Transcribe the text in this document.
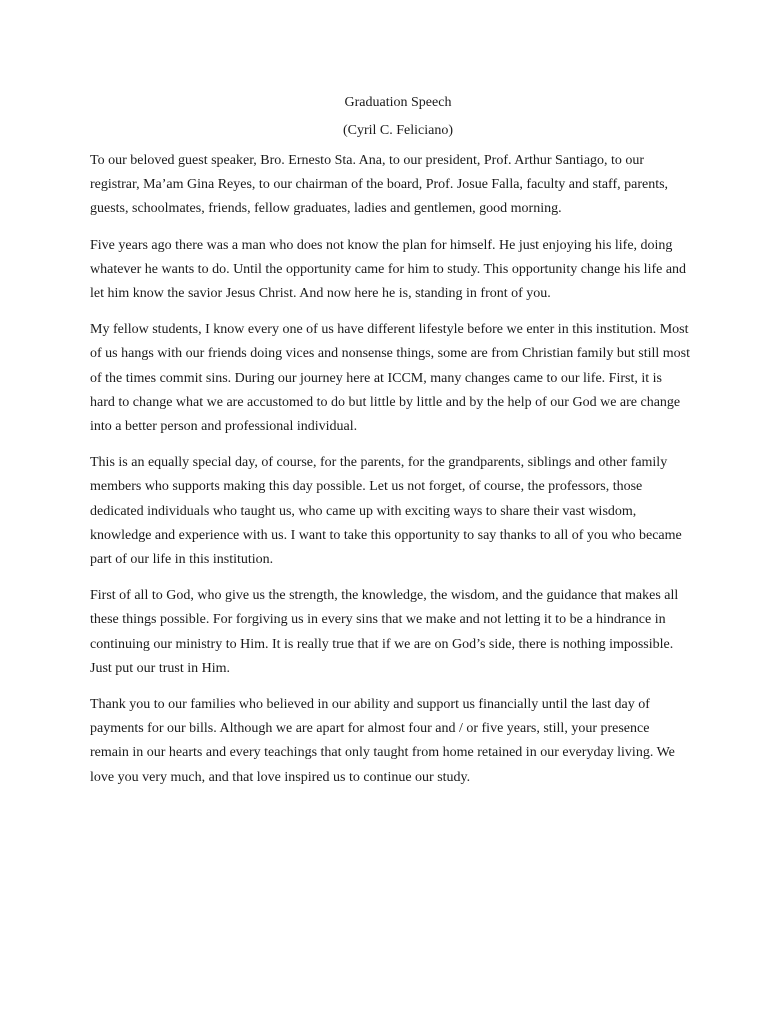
Graduation Speech
(Cyril C. Feliciano)

To our beloved guest speaker, Bro. Ernesto Sta. Ana, to our president, Prof. Arthur Santiago, to our registrar, Ma’am Gina Reyes, to our chairman of the board, Prof. Josue Falla, faculty and staff, parents, guests, schoolmates, friends, fellow graduates, ladies and gentlemen, good morning.

Five years ago there was a man who does not know the plan for himself. He just enjoying his life, doing whatever he wants to do. Until the opportunity came for him to study. This opportunity change his life and let him know the savior Jesus Christ. And now here he is, standing in front of you.

My fellow students, I know every one of us have different lifestyle before we enter in this institution. Most of us hangs with our friends doing vices and nonsense things, some are from Christian family but still most of the times commit sins. During our journey here at ICCM, many changes came to our life. First, it is hard to change what we are accustomed to do but little by little and by the help of our God we are change into a better person and professional individual.

This is an equally special day, of course, for the parents, for the grandparents, siblings and other family members who supports making this day possible. Let us not forget, of course, the professors, those dedicated individuals who taught us, who came up with exciting ways to share their vast wisdom, knowledge and experience with us. I want to take this opportunity to say thanks to all of you who became part of our life in this institution.

First of all to God, who give us the strength, the knowledge, the wisdom, and the guidance that makes all these things possible. For forgiving us in every sins that we make and not letting it to be a hindrance in continuing our ministry to Him. It is really true that if we are on God’s side, there is nothing impossible. Just put our trust in Him.

Thank you to our families who believed in our ability and support us financially until the last day of payments for our bills. Although we are apart for almost four and / or five years, still, your presence remain in our hearts and every teachings that only taught from home retained in our everyday living. We love you very much, and that love inspired us to continue our study.
